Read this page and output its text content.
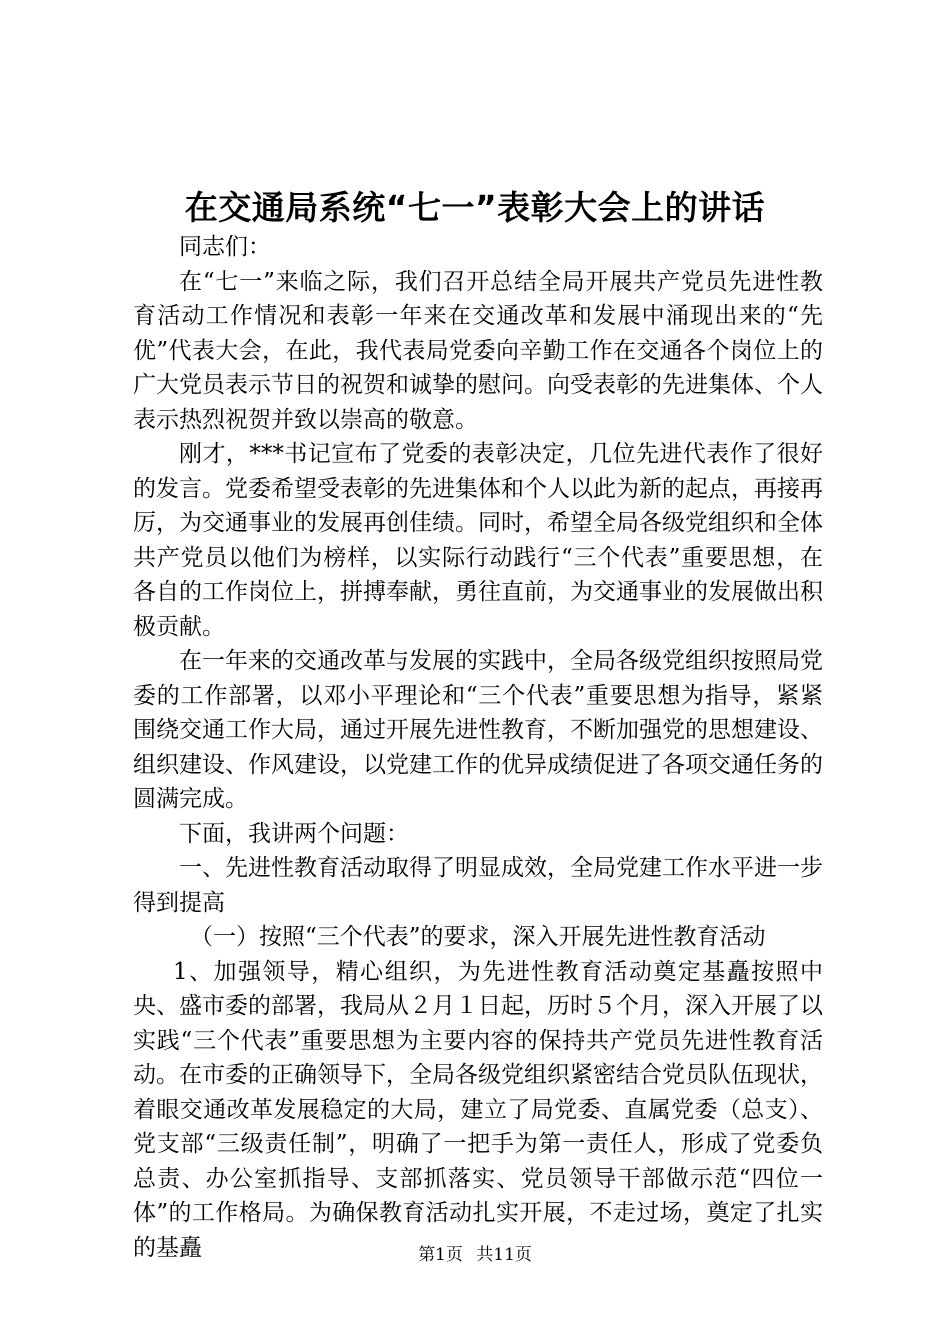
在交通局系统“七一”表彰大会上的讲话

同志们：

在“七一”来临之际，我们召开总结全局开展共产党员先进性教育活动工作情况和表彰一年来在交通改革和发展中涌现出来的“先优”代表大会，在此，我代表局党委向辛勤工作在交通各个岗位上的广大党员表示节日的祝贺和诚挚的慰问。向受表彰的先进集体、个人表示热烈祝贺并致以崇高的敬意。

刚才，***书记宣布了党委的表彰决定，几位先进代表作了很好的发言。党委希望受表彰的先进集体和个人以此为新的起点，再接再厉，为交通事业的发展再创佳绩。同时，希望全局各级党组织和全体共产党员以他们为榜样，以实际行动践行“三个代表”重要思想，在各自的工作岗位上，拼搏奉献，勇往直前，为交通事业的发展做出积极贡献。

在一年来的交通改革与发展的实践中，全局各级党组织按照局党委的工作部署，以邓小平理论和“三个代表”重要思想为指导，紧紧围绕交通工作大局，通过开展先进性教育，不断加强党的思想建设、组织建设、作风建设，以党建工作的优异成绩促进了各项交通任务的圆满完成。

下面，我讲两个问题：

一、先进性教育活动取得了明显成效，全局党建工作水平进一步得到提高

（一）按照“三个代表”的要求，深入开展先进性教育活动

1、加强领导，精心组织，为先进性教育活动奠定基矗按照中央、盛市委的部署，我局从２月１日起，历时５个月，深入开展了以实践“三个代表”重要思想为主要内容的保持共产党员先进性教育活动。在市委的正确领导下，全局各级党组织紧密结合党员队伍现状，着眼交通改革发展稳定的大局，建立了局党委、直属党委（总支）、党支部“三级责任制”，明确了一把手为第一责任人，形成了党委负总责、办公室抓指导、支部抓落实、党员领导干部做示范“四位一体”的工作格局。为确保教育活动扎实开展，不走过场，奠定了扎实的基矗	第1页 共11页
